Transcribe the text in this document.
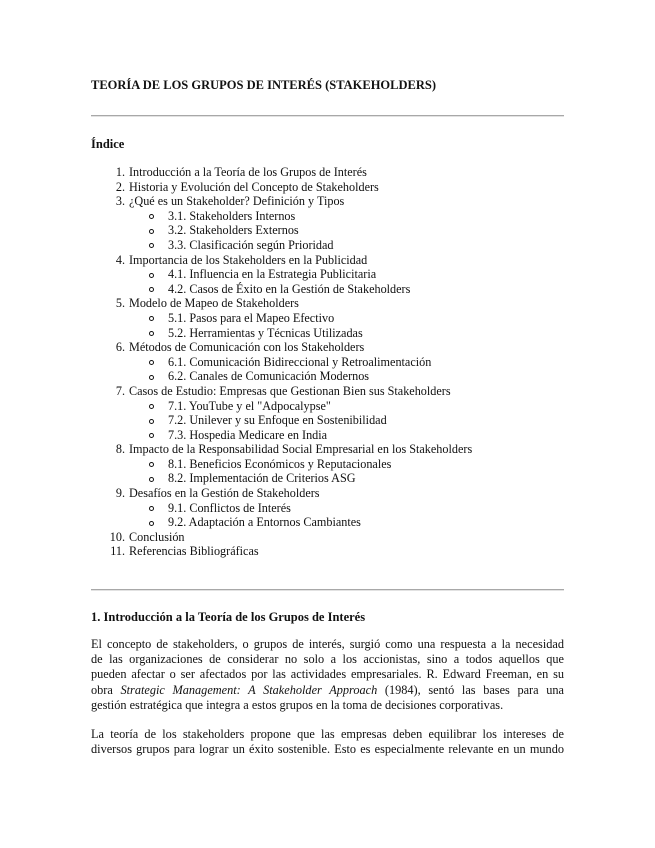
TEORÍA DE LOS GRUPOS DE INTERÉS (STAKEHOLDERS)
Índice
1. Introducción a la Teoría de los Grupos de Interés
2. Historia y Evolución del Concepto de Stakeholders
3. ¿Qué es un Stakeholder? Definición y Tipos
3.1. Stakeholders Internos
3.2. Stakeholders Externos
3.3. Clasificación según Prioridad
4. Importancia de los Stakeholders en la Publicidad
4.1. Influencia en la Estrategia Publicitaria
4.2. Casos de Éxito en la Gestión de Stakeholders
5. Modelo de Mapeo de Stakeholders
5.1. Pasos para el Mapeo Efectivo
5.2. Herramientas y Técnicas Utilizadas
6. Métodos de Comunicación con los Stakeholders
6.1. Comunicación Bidireccional y Retroalimentación
6.2. Canales de Comunicación Modernos
7. Casos de Estudio: Empresas que Gestionan Bien sus Stakeholders
7.1. YouTube y el "Adpocalypse"
7.2. Unilever y su Enfoque en Sostenibilidad
7.3. Hospedia Medicare en India
8. Impacto de la Responsabilidad Social Empresarial en los Stakeholders
8.1. Beneficios Económicos y Reputacionales
8.2. Implementación de Criterios ASG
9. Desafíos en la Gestión de Stakeholders
9.1. Conflictos de Interés
9.2. Adaptación a Entornos Cambiantes
10. Conclusión
11. Referencias Bibliográficas
1. Introducción a la Teoría de los Grupos de Interés

El concepto de stakeholders, o grupos de interés, surgió como una respuesta a la necesidad
de las organizaciones de considerar no solo a los accionistas, sino a todos aquellos que
pueden afectar o ser afectados por las actividades empresariales. R. Edward Freeman, en su
obra Strategic Management: A Stakeholder Approach (1984), sentó las bases para una
gestión estratégica que integra a estos grupos en la toma de decisiones corporativas.

La teoría de los stakeholders propone que las empresas deben equilibrar los intereses de
diversos grupos para lograr un éxito sostenible. Esto es especialmente relevante en un mundo
